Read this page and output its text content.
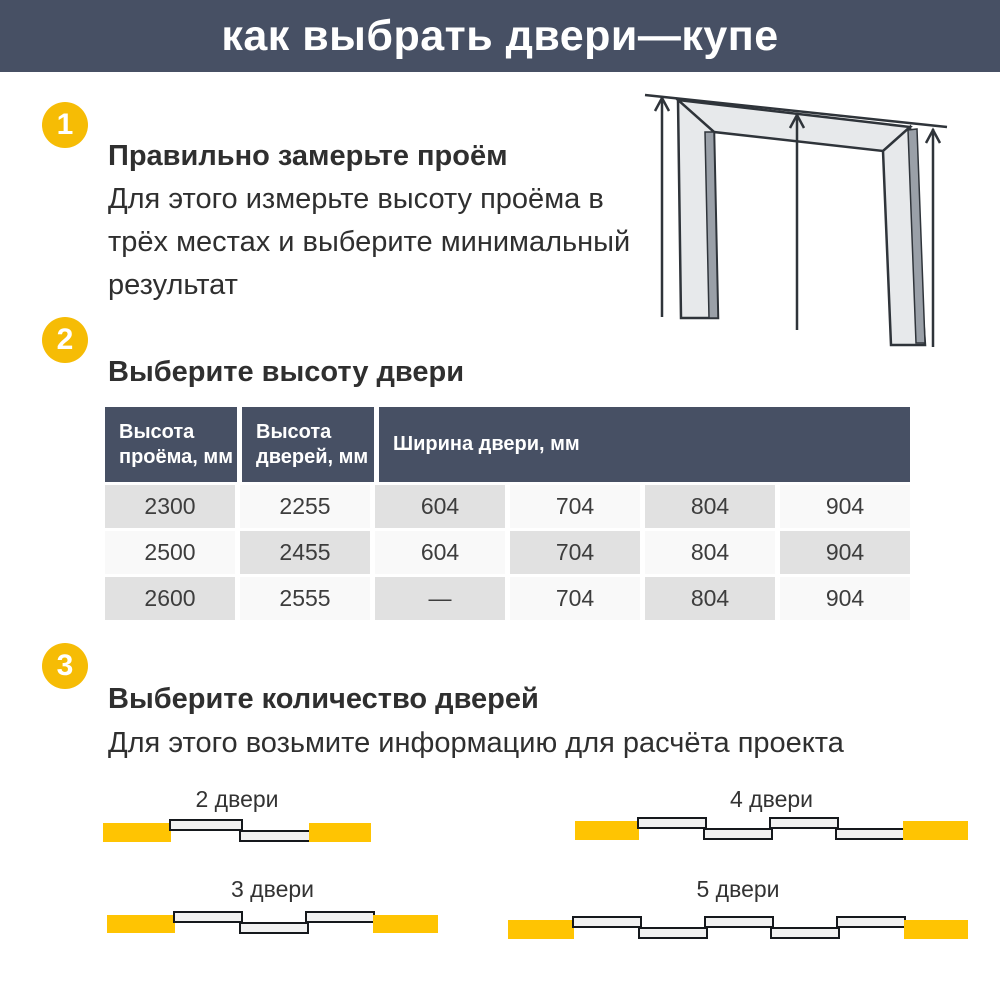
как выбрать двери—купе
1
Правильно замерьте проём
Для этого измерьте высоту проёма в трёх местах и выберите минимальный результат
2
Выберите высоту двери
Высота проёма, мм
Высота дверей, мм
Ширина двери, мм
2300	2255	604	704	804	904
2500	2455	604	704	804	904
2600	2555	—	704	804	904
3
Выберите количество дверей
Для этого возьмите информацию для расчёта проекта
2 двери	4 двери
3 двери	5 двери
